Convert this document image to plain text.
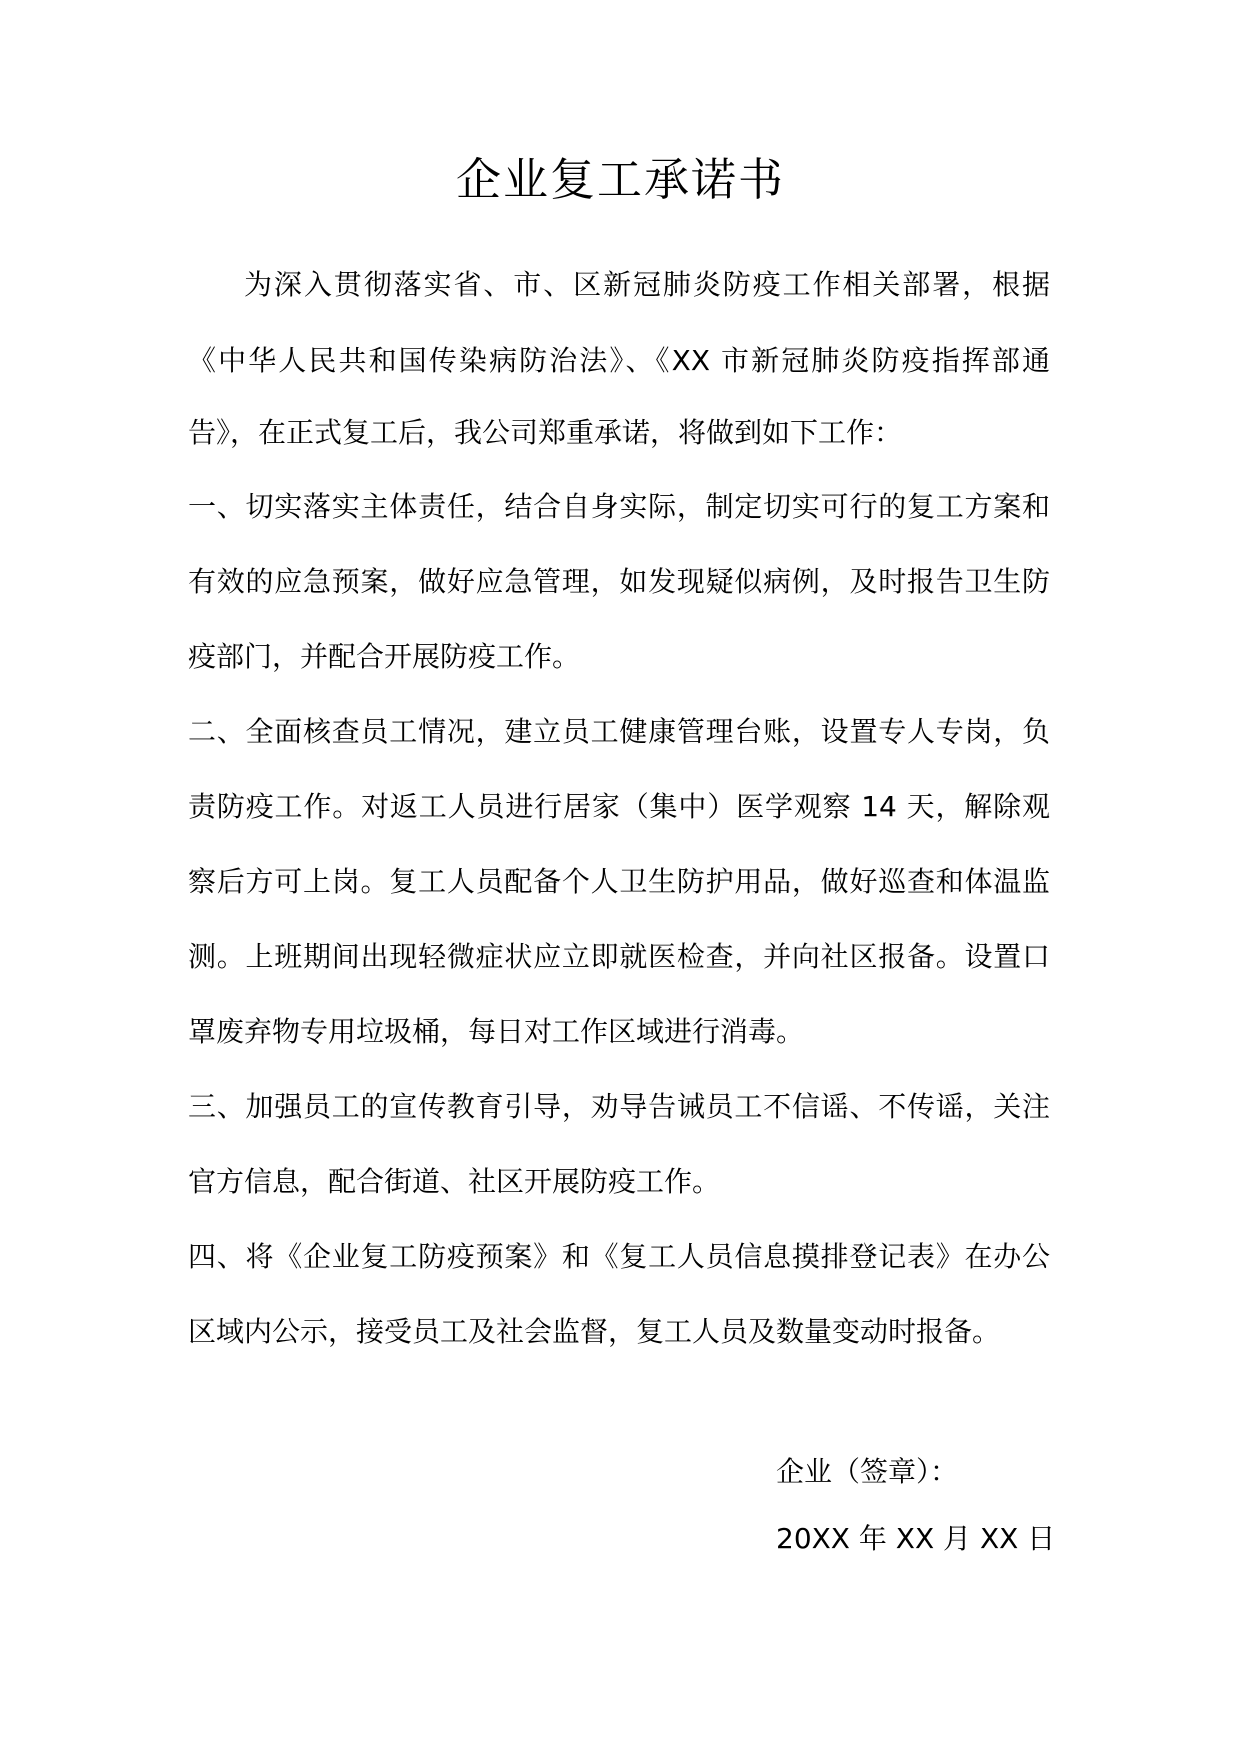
企业复工承诺书
为深入贯彻落实省、市、区新冠肺炎防疫工作相关部署，根据
《中华人民共和国传染病防治法》、《XX 市新冠肺炎防疫指挥部通
告》，在正式复工后，我公司郑重承诺，将做到如下工作：
一、切实落实主体责任，结合自身实际，制定切实可行的复工方案和
有效的应急预案，做好应急管理，如发现疑似病例，及时报告卫生防
疫部门，并配合开展防疫工作。
二、全面核查员工情况，建立员工健康管理台账，设置专人专岗，负
责防疫工作。对返工人员进行居家（集中）医学观察 14 天，解除观
察后方可上岗。复工人员配备个人卫生防护用品，做好巡查和体温监
测。上班期间出现轻微症状应立即就医检查，并向社区报备。设置口
罩废弃物专用垃圾桶，每日对工作区域进行消毒。
三、加强员工的宣传教育引导，劝导告诫员工不信谣、不传谣，关注
官方信息，配合街道、社区开展防疫工作。
四、将《企业复工防疫预案》和《复工人员信息摸排登记表》在办公
区域内公示，接受员工及社会监督，复工人员及数量变动时报备。
企业（签章）：
20XX 年 XX 月 XX 日
